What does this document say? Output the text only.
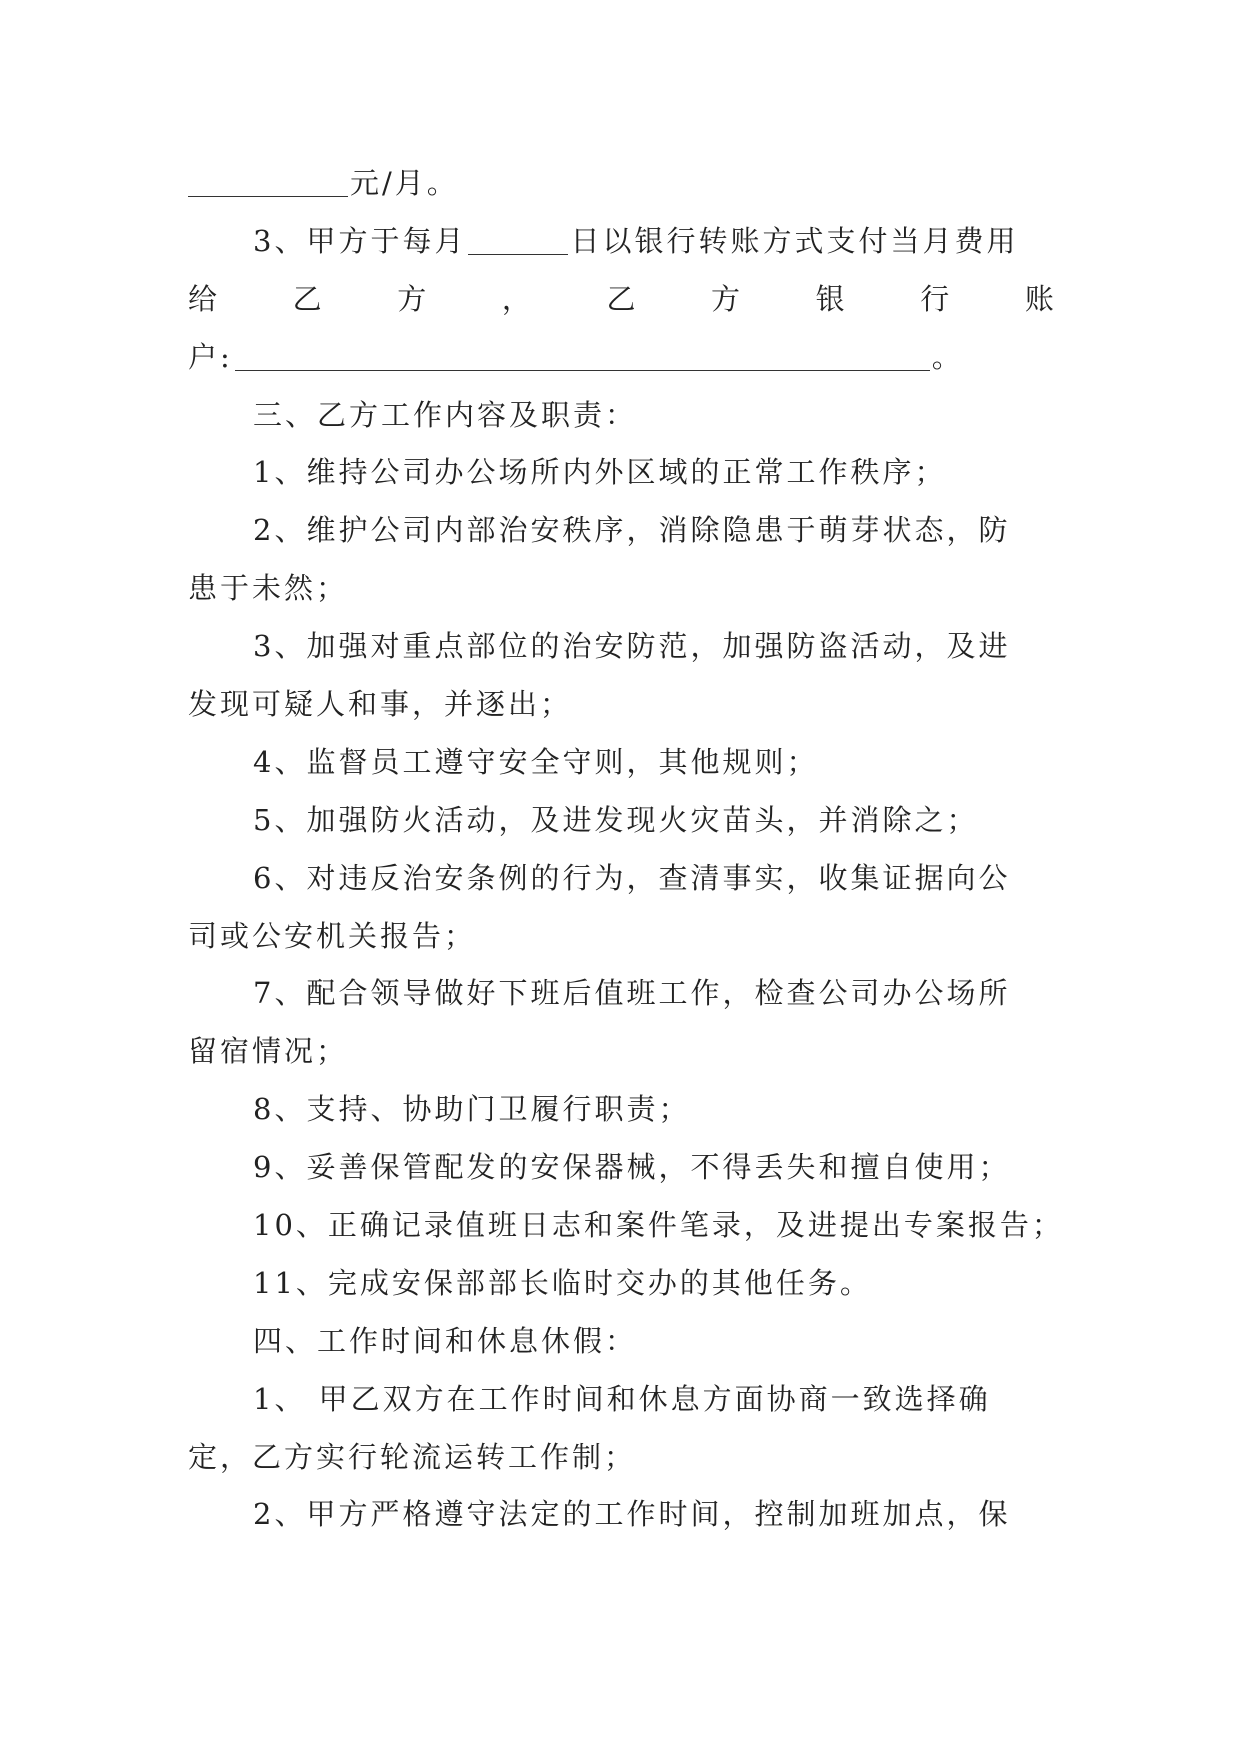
元/月。
3、甲方于每月	日以银行转账方式支付当月费用
给	乙	方	，	乙	方	银	行	账
户:	。
三、乙方工作内容及职责：
1、维持公司办公场所内外区域的正常工作秩序；
2、维护公司内部治安秩序，消除隐患于萌芽状态，防
患于未然；
3、加强对重点部位的治安防范，加强防盗活动，及进
发现可疑人和事，并逐出；
4、监督员工遵守安全守则，其他规则；
5、加强防火活动，及进发现火灾苗头，并消除之；
6、对违反治安条例的行为，查清事实，收集证据向公
司或公安机关报告；
7、配合领导做好下班后值班工作，检查公司办公场所
留宿情况；
8、支持、协助门卫履行职责；
9、妥善保管配发的安保器械，不得丢失和擅自使用；
10、正确记录值班日志和案件笔录，及进提出专案报告；
11、完成安保部部长临时交办的其他任务。
四、工作时间和休息休假：
1、 甲乙双方在工作时间和休息方面协商一致选择确
定，乙方实行轮流运转工作制；
2、甲方严格遵守法定的工作时间，控制加班加点，保
